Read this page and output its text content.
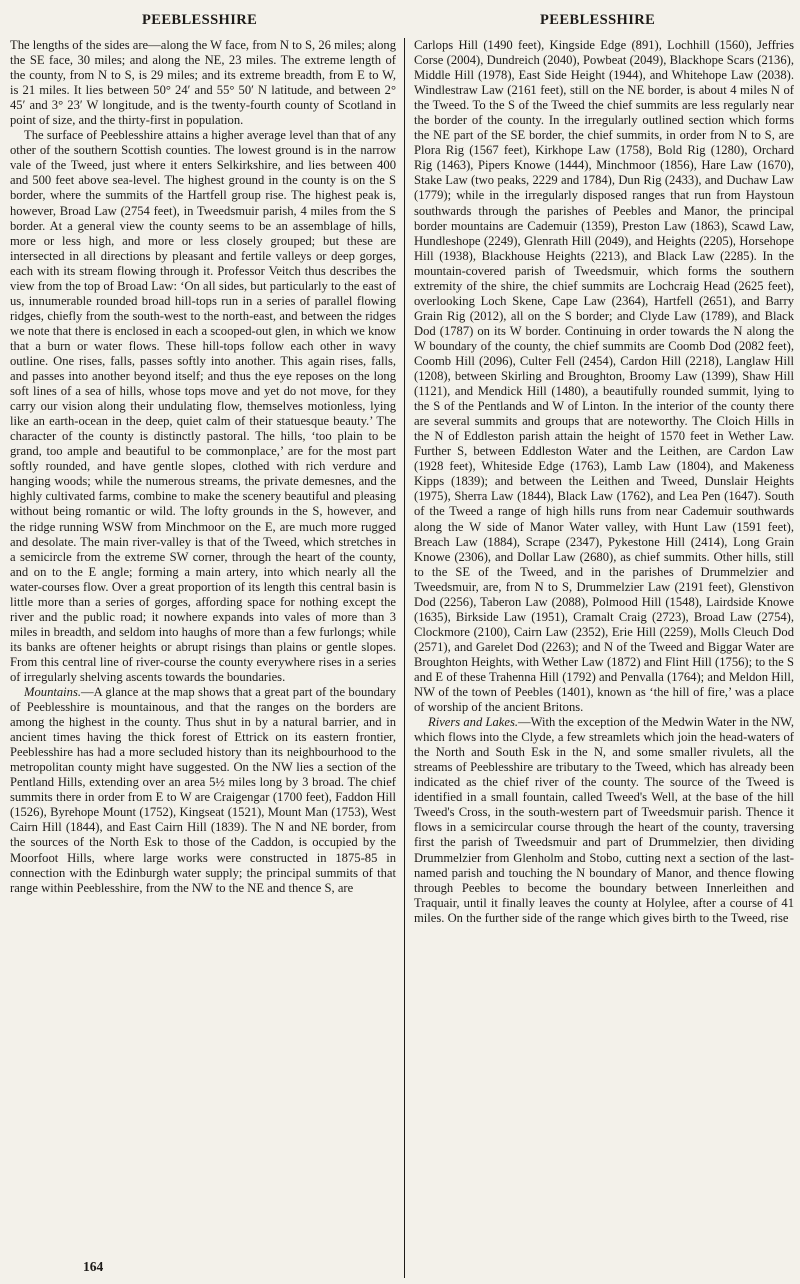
PEEBLESSHIRE	PEEBLESSHIRE

The lengths of the sides are—along the W face, from N to S, 26 miles; along the SE face, 30 miles; and along the NE, 23 miles. The extreme length of the county, from N to S, is 29 miles; and its extreme breadth, from E to W, is 21 miles. It lies between 50° 24′ and 55° 50′ N latitude, and between 2° 45′ and 3° 23′ W longitude, and is the twenty-fourth county of Scotland in point of size, and the thirty-first in population.

The surface of Peeblesshire attains a higher average level than that of any other of the southern Scottish counties. The lowest ground is in the narrow vale of the Tweed, just where it enters Selkirkshire, and lies between 400 and 500 feet above sea-level. The highest ground in the county is on the S border, where the summits of the Hartfell group rise. The highest peak is, however, Broad Law (2754 feet), in Tweedsmuir parish, 4 miles from the S border. At a general view the county seems to be an assemblage of hills, more or less high, and more or less closely grouped; but these are intersected in all directions by pleasant and fertile valleys or deep gorges, each with its stream flowing through it. Professor Veitch thus describes the view from the top of Broad Law: ‘On all sides, but particularly to the east of us, innumerable rounded broad hill-tops run in a series of parallel flowing ridges, chiefly from the south-west to the north-east, and between the ridges we note that there is enclosed in each a scooped-out glen, in which we know that a burn or water flows. These hill-tops follow each other in wavy outline. One rises, falls, passes softly into another. This again rises, falls, and passes into another beyond itself; and thus the eye reposes on the long soft lines of a sea of hills, whose tops move and yet do not move, for they carry our vision along their undulating flow, themselves motionless, lying like an earth-ocean in the deep, quiet calm of their statuesque beauty.’ The character of the county is distinctly pastoral. The hills, ‘too plain to be grand, too ample and beautiful to be commonplace,’ are for the most part softly rounded, and have gentle slopes, clothed with rich verdure and hanging woods; while the numerous streams, the private demesnes, and the highly cultivated farms, combine to make the scenery beautiful and pleasing without being romantic or wild. The lofty grounds in the S, however, and the ridge running WSW from Minchmoor on the E, are much more rugged and desolate. The main river-valley is that of the Tweed, which stretches in a semicircle from the extreme SW corner, through the heart of the county, and on to the E angle; forming a main artery, into which nearly all the water-courses flow. Over a great proportion of its length this central basin is little more than a series of gorges, affording space for nothing except the river and the public road; it nowhere expands into vales of more than 3 miles in breadth, and seldom into haughs of more than a few furlongs; while its banks are oftener heights or abrupt risings than plains or gentle slopes. From this central line of river-course the county everywhere rises in a series of irregularly shelving ascents towards the boundaries.

Mountains.—A glance at the map shows that a great part of the boundary of Peeblesshire is mountainous, and that the ranges on the borders are among the highest in the county. Thus shut in by a natural barrier, and in ancient times having the thick forest of Ettrick on its eastern frontier, Peeblesshire has had a more secluded history than its neighbourhood to the metropolitan county might have suggested. On the NW lies a section of the Pentland Hills, extending over an area 5½ miles long by 3 broad. The chief summits there in order from E to W are Craigengar (1700 feet), Faddon Hill (1526), Byrehope Mount (1752), Kingseat (1521), Mount Man (1753), West Cairn Hill (1844), and East Cairn Hill (1839). The N and NE border, from the sources of the North Esk to those of the Caddon, is occupied by the Moorfoot Hills, where large works were constructed in 1875-85 in connection with the Edinburgh water supply; the principal summits of that range within Peeblesshire, from the NW to the NE and thence S, are

Carlops Hill (1490 feet), Kingside Edge (891), Lochhill (1560), Jeffries Corse (2004), Dundreich (2040), Powbeat (2049), Blackhope Scars (2136), Middle Hill (1978), East Side Height (1944), and Whitehope Law (2038). Windlestraw Law (2161 feet), still on the NE border, is about 4 miles N of the Tweed. To the S of the Tweed the chief summits are less regularly near the border of the county. In the irregularly outlined section which forms the NE part of the SE border, the chief summits, in order from N to S, are Plora Rig (1567 feet), Kirkhope Law (1758), Bold Rig (1280), Orchard Rig (1463), Pipers Knowe (1444), Minchmoor (1856), Hare Law (1670), Stake Law (two peaks, 2229 and 1784), Dun Rig (2433), and Duchaw Law (1779); while in the irregularly disposed ranges that run from Haystoun southwards through the parishes of Peebles and Manor, the principal border mountains are Cademuir (1359), Preston Law (1863), Scawd Law, Hundleshope (2249), Glenrath Hill (2049), and Heights (2205), Horsehope Hill (1938), Blackhouse Heights (2213), and Black Law (2285). In the mountain-covered parish of Tweedsmuir, which forms the southern extremity of the shire, the chief summits are Lochcraig Head (2625 feet), overlooking Loch Skene, Cape Law (2364), Hartfell (2651), and Barry Grain Rig (2012), all on the S border; and Clyde Law (1789), and Black Dod (1787) on its W border. Continuing in order towards the N along the W boundary of the county, the chief summits are Coomb Dod (2082 feet), Coomb Hill (2096), Culter Fell (2454), Cardon Hill (2218), Langlaw Hill (1208), between Skirling and Broughton, Broomy Law (1399), Shaw Hill (1121), and Mendick Hill (1480), a beautifully rounded summit, lying to the S of the Pentlands and W of Linton. In the interior of the county there are several summits and groups that are noteworthy. The Cloich Hills in the N of Eddleston parish attain the height of 1570 feet in Wether Law. Further S, between Eddleston Water and the Leithen, are Cardon Law (1928 feet), Whiteside Edge (1763), Lamb Law (1804), and Makeness Kipps (1839); and between the Leithen and Tweed, Dunslair Heights (1975), Sherra Law (1844), Black Law (1762), and Lea Pen (1647). South of the Tweed a range of high hills runs from near Cademuir southwards along the W side of Manor Water valley, with Hunt Law (1591 feet), Breach Law (1884), Scrape (2347), Pykestone Hill (2414), Long Grain Knowe (2306), and Dollar Law (2680), as chief summits. Other hills, still to the SE of the Tweed, and in the parishes of Drummelzier and Tweedsmuir, are, from N to S, Drummelzier Law (2191 feet), Glenstivon Dod (2256), Taberon Law (2088), Polmood Hill (1548), Lairdside Knowe (1635), Birkside Law (1951), Cramalt Craig (2723), Broad Law (2754), Clockmore (2100), Cairn Law (2352), Erie Hill (2259), Molls Cleuch Dod (2571), and Garelet Dod (2263); and N of the Tweed and Biggar Water are Broughton Heights, with Wether Law (1872) and Flint Hill (1756); to the S and E of these Trahenna Hill (1792) and Penvalla (1764); and Meldon Hill, NW of the town of Peebles (1401), known as ‘the hill of fire,’ was a place of worship of the ancient Britons.

Rivers and Lakes.—With the exception of the Medwin Water in the NW, which flows into the Clyde, a few streamlets which join the head-waters of the North and South Esk in the N, and some smaller rivulets, all the streams of Peeblesshire are tributary to the Tweed, which has already been indicated as the chief river of the county. The source of the Tweed is identified in a small fountain, called Tweed's Well, at the base of the hill Tweed's Cross, in the south-western part of Tweedsmuir parish. Thence it flows in a semicircular course through the heart of the county, traversing first the parish of Tweedsmuir and part of Drummelzier, then dividing Drummelzier from Glenholm and Stobo, cutting next a section of the last-named parish and touching the N boundary of Manor, and thence flowing through Peebles to become the boundary between Innerleithen and Traquair, until it finally leaves the county at Holylee, after a course of 41 miles. On the further side of the range which gives birth to the Tweed, rise

164
